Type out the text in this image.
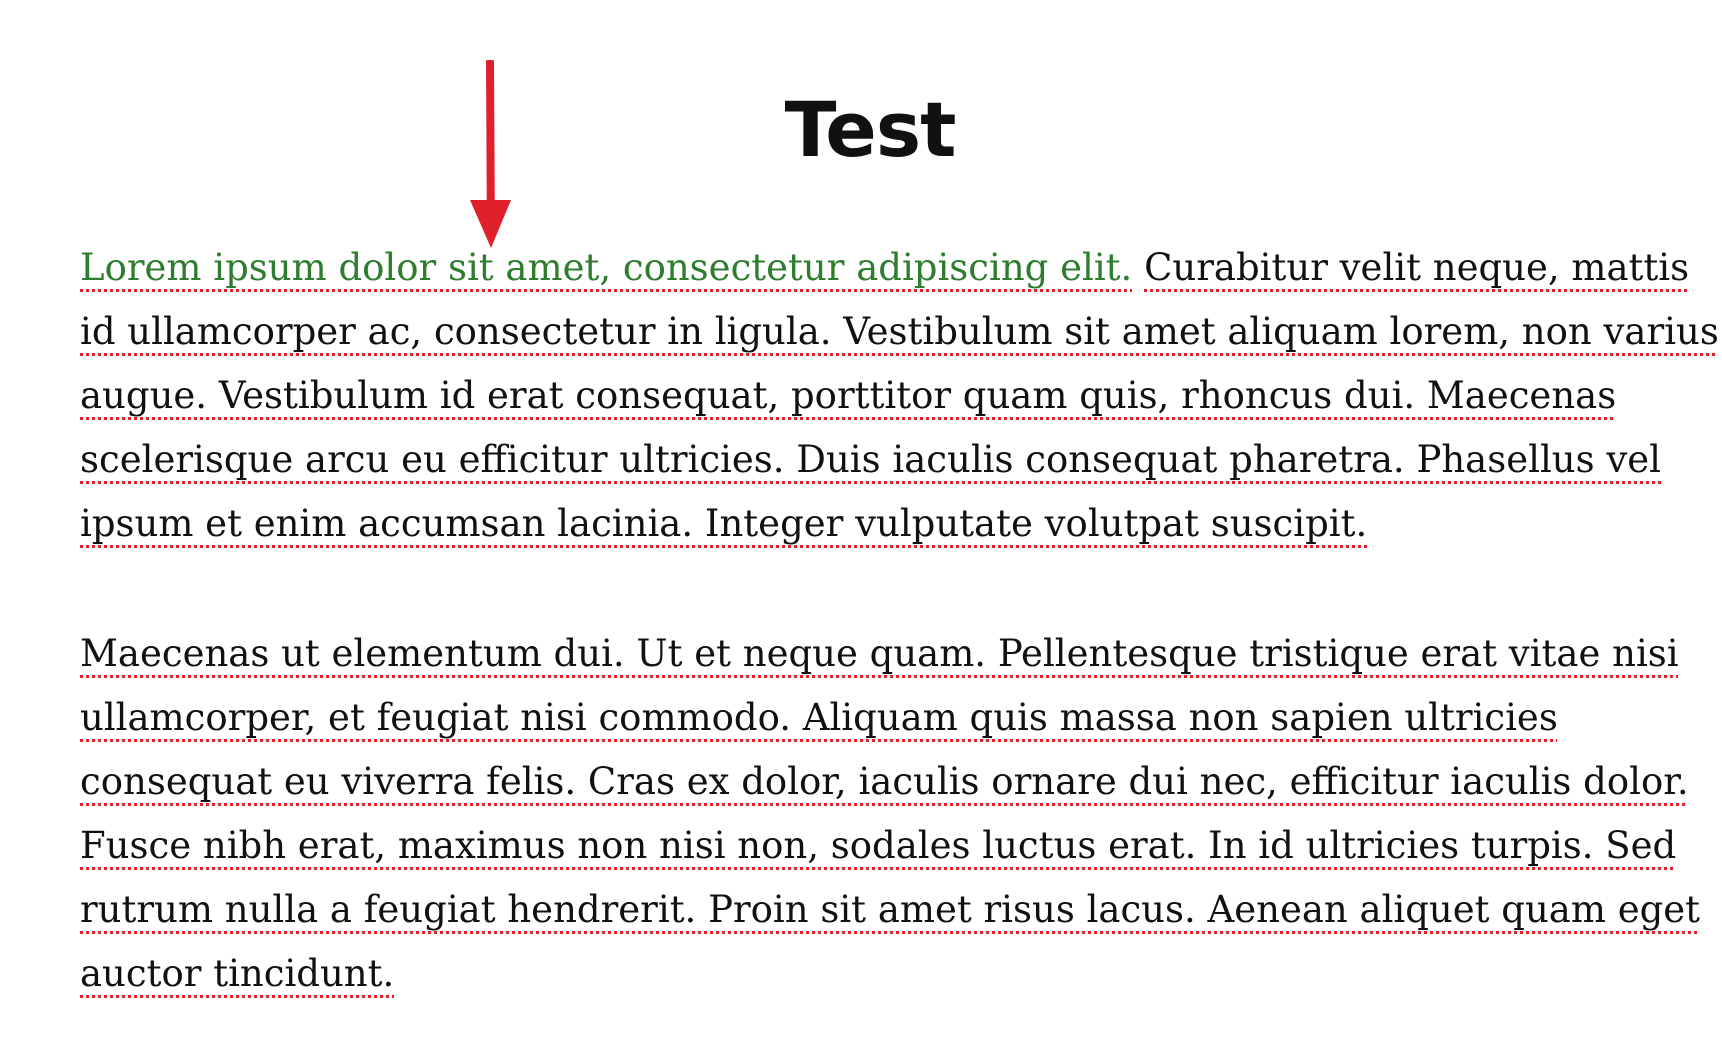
Test

Lorem ipsum dolor sit amet, consectetur adipiscing elit. Curabitur velit neque, mattis
id ullamcorper ac, consectetur in ligula. Vestibulum sit amet aliquam lorem, non varius
augue. Vestibulum id erat consequat, porttitor quam quis, rhoncus dui. Maecenas
scelerisque arcu eu efficitur ultricies. Duis iaculis consequat pharetra. Phasellus vel
ipsum et enim accumsan lacinia. Integer vulputate volutpat suscipit.

Maecenas ut elementum dui. Ut et neque quam. Pellentesque tristique erat vitae nisi
ullamcorper, et feugiat nisi commodo. Aliquam quis massa non sapien ultricies
consequat eu viverra felis. Cras ex dolor, iaculis ornare dui nec, efficitur iaculis dolor.
Fusce nibh erat, maximus non nisi non, sodales luctus erat. In id ultricies turpis. Sed
rutrum nulla a feugiat hendrerit. Proin sit amet risus lacus. Aenean aliquet quam eget
auctor tincidunt.
